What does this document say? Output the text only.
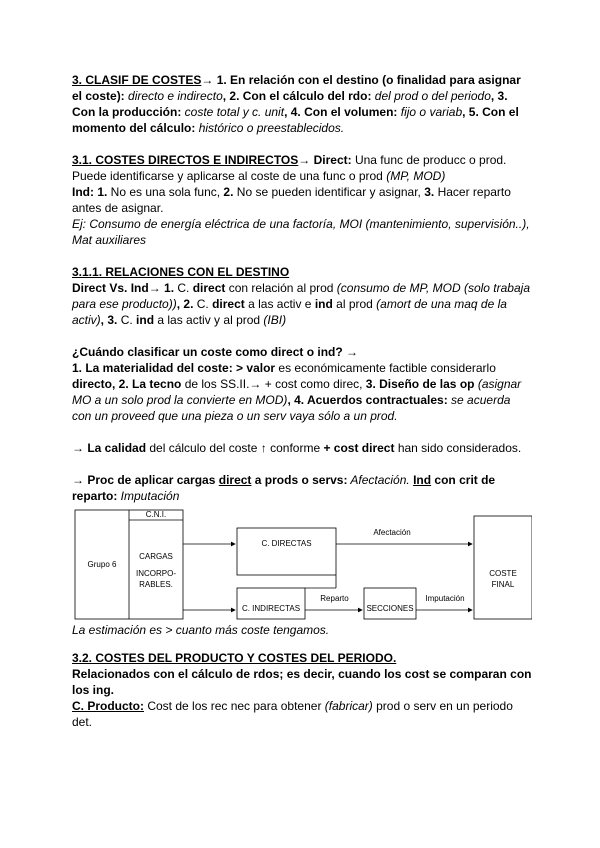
3. CLASIF DE COSTES→ 1. En relación con el destino (o finalidad para asignar el coste): directo e indirecto, 2. Con el cálculo del rdo: del prod o del periodo, 3. Con la producción: coste total y c. unit, 4. Con el volumen: fijo o variab, 5. Con el momento del cálculo: histórico o preestablecidos.

3.1. COSTES DIRECTOS E INDIRECTOS→ Direct: Una func de producc o prod. Puede identificarse y aplicarse al coste de una func o prod (MP, MOD)

Ind: 1. No es una sola func, 2. No se pueden identificar y asignar, 3. Hacer reparto antes de asignar.

Ej: Consumo de energía eléctrica de una factoría, MOI (mantenimiento, supervisión..), Mat auxiliares

3.1.1. RELACIONES CON EL DESTINO

Direct Vs. Ind→ 1. C. direct con relación al prod (consumo de MP, MOD (solo trabaja para ese producto)), 2. C. direct a las activ e ind al prod (amort de una maq de la activ), 3. C. ind a las activ y al prod (IBI)

¿Cuándo clasificar un coste como direct o ind? →

1. La materialidad del coste: > valor es económicamente factible considerarlo directo, 2. La tecno de los SS.II.→ + cost como direc, 3. Diseño de las op (asignar MO a un solo prod la convierte en MOD), 4. Acuerdos contractuales: se acuerda con un proveed que una pieza o un serv vaya sólo a un prod.

→ La calidad del cálculo del coste ↑ conforme + cost direct han sido considerados.

→ Proc de aplicar cargas direct a prods o servs: Afectación. Ind con crit de reparto: Imputación

C.N.I.
Grupo 6
CARGAS
INCORPO-
RABLES.
C. DIRECTAS
C. INDIRECTAS
Afectación
Reparto
SECCIONES
Imputación
COSTE
FINAL

La estimación es > cuanto más coste tengamos.

3.2. COSTES DEL PRODUCTO Y COSTES DEL PERIODO.

Relacionados con el cálculo de rdos; es decir, cuando los cost se comparan con los ing.

C. Producto: Cost de los rec nec para obtener (fabricar) prod o serv en un periodo det.
